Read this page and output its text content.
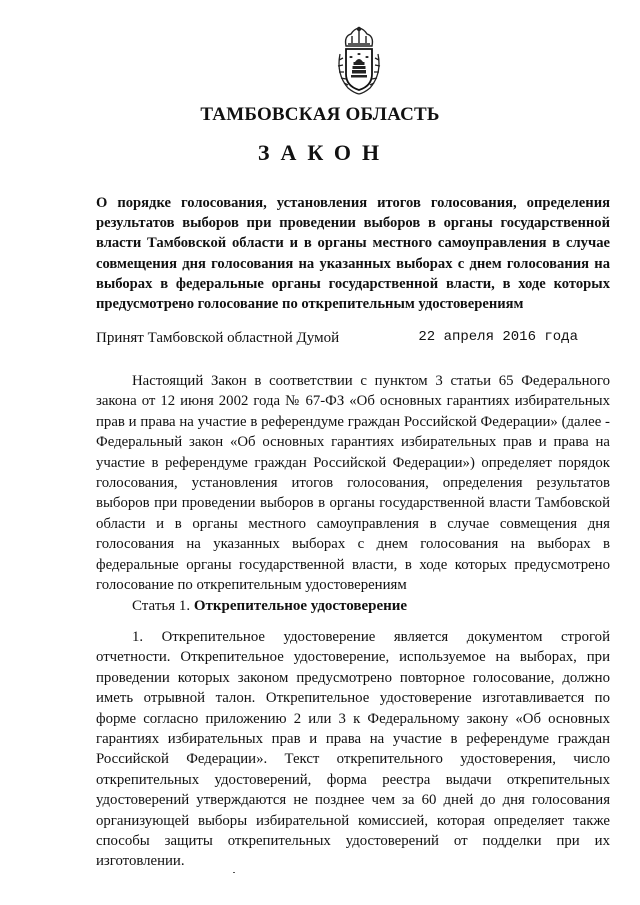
ТАМБОВСКАЯ ОБЛАСТЬ
ЗАКОН
О порядке голосования, установления итогов голосования, определения результатов выборов при проведении выборов в органы государственной власти Тамбовской области и в органы местного самоуправления в случае совмещения дня голосования на указанных выборах с днем голосования на выборах в федеральные органы государственной власти, в ходе которых предусмотрено голосование по открепительным удостоверениям
Принят Тамбовской областной Думой	22 апреля 2016 года
Настоящий Закон в соответствии с пунктом 3 статьи 65 Федерального закона от 12 июня 2002 года № 67-ФЗ «Об основных гарантиях избирательных прав и права на участие в референдуме граждан Российской Федерации» (далее - Федеральный закон «Об основных гарантиях избирательных прав и права на участие в референдуме граждан Российской Федерации») определяет порядок голосования, установления итогов голосования, определения результатов выборов при проведении выборов в органы государственной власти Тамбовской области и в органы местного самоуправления в случае совмещения дня голосования на указанных выборах с днем голосования на выборах в федеральные органы государственной власти, в ходе которых предусмотрено голосование по открепительным удостоверениям
Статья 1. Открепительное удостоверение
1. Открепительное удостоверение является документом строгой отчетности. Открепительное удостоверение, используемое на выборах, при проведении которых законом предусмотрено повторное голосование, должно иметь отрывной талон. Открепительное удостоверение изготавливается по форме согласно приложению 2 или 3 к Федеральному закону «Об основных гарантиях избирательных прав и права на участие в референдуме граждан Российской Федерации». Текст открепительного удостоверения, число открепительных удостоверений, форма реестра выдачи открепительных удостоверений утверждаются не позднее чем за 60 дней до дня голосования организующей выборы избирательной комиссией, которая определяет также способы защиты открепительных удостоверений от подделки при их изготовлении.
